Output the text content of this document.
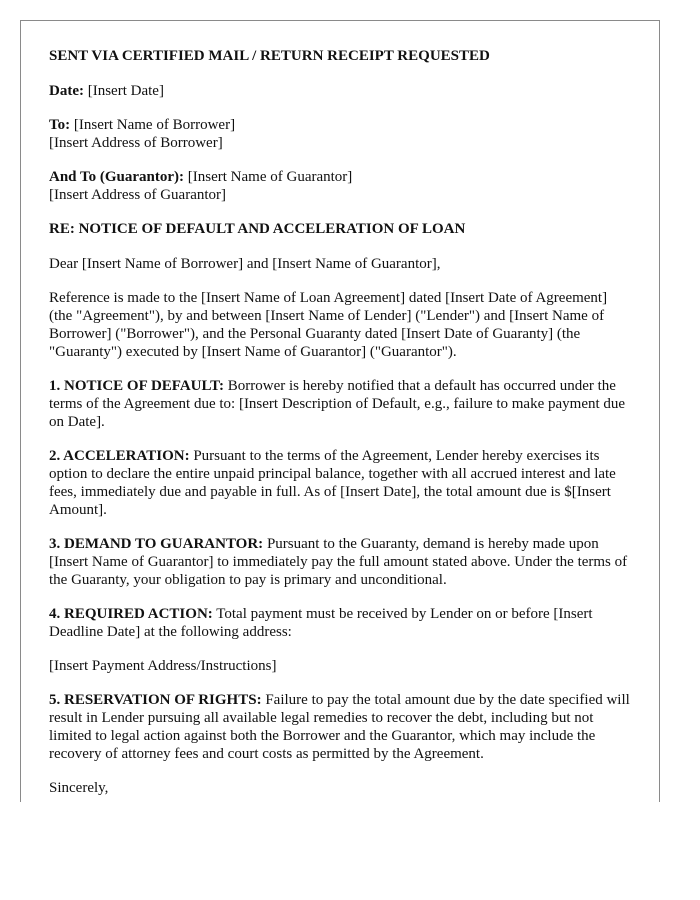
SENT VIA CERTIFIED MAIL / RETURN RECEIPT REQUESTED
Date: [Insert Date]
To: [Insert Name of Borrower]
[Insert Address of Borrower]
And To (Guarantor): [Insert Name of Guarantor]
[Insert Address of Guarantor]
RE: NOTICE OF DEFAULT AND ACCELERATION OF LOAN
Dear [Insert Name of Borrower] and [Insert Name of Guarantor],
Reference is made to the [Insert Name of Loan Agreement] dated [Insert Date of Agreement] (the "Agreement"), by and between [Insert Name of Lender] ("Lender") and [Insert Name of Borrower] ("Borrower"), and the Personal Guaranty dated [Insert Date of Guaranty] (the "Guaranty") executed by [Insert Name of Guarantor] ("Guarantor").
1. NOTICE OF DEFAULT: Borrower is hereby notified that a default has occurred under the terms of the Agreement due to: [Insert Description of Default, e.g., failure to make payment due on Date].
2. ACCELERATION: Pursuant to the terms of the Agreement, Lender hereby exercises its option to declare the entire unpaid principal balance, together with all accrued interest and late fees, immediately due and payable in full. As of [Insert Date], the total amount due is $[Insert Amount].
3. DEMAND TO GUARANTOR: Pursuant to the Guaranty, demand is hereby made upon [Insert Name of Guarantor] to immediately pay the full amount stated above. Under the terms of the Guaranty, your obligation to pay is primary and unconditional.
4. REQUIRED ACTION: Total payment must be received by Lender on or before [Insert Deadline Date] at the following address:
[Insert Payment Address/Instructions]
5. RESERVATION OF RIGHTS: Failure to pay the total amount due by the date specified will result in Lender pursuing all available legal remedies to recover the debt, including but not limited to legal action against both the Borrower and the Guarantor, which may include the recovery of attorney fees and court costs as permitted by the Agreement.
Sincerely,
